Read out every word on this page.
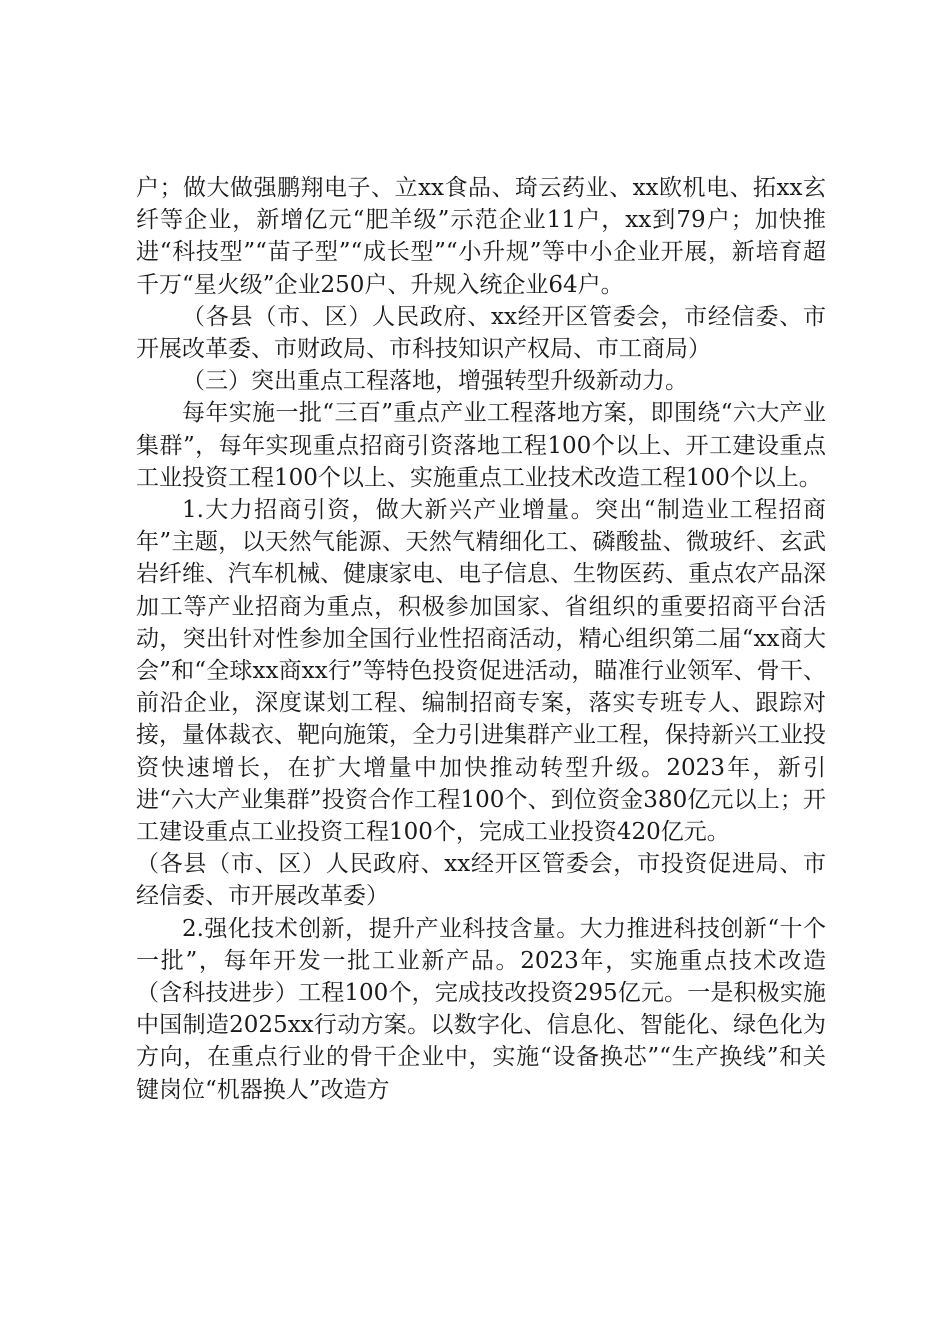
户；做大做强鹏翔电子、立xx食品、琦云药业、xx欧机电、拓xx玄纤等企业，新增亿元“肥羊级”示范企业11户，xx到79户；加快推进“科技型”“苗子型”“成长型”“小升规”等中小企业开展，新培育超千万“星火级”企业250户、升规入统企业64户。

（各县（市、区）人民政府、xx经开区管委会，市经信委、市开展改革委、市财政局、市科技知识产权局、市工商局）

（三）突出重点工程落地，增强转型升级新动力。

每年实施一批“三百”重点产业工程落地方案，即围绕“六大产业集群”，每年实现重点招商引资落地工程100个以上、开工建设重点工业投资工程100个以上、实施重点工业技术改造工程100个以上。

1.大力招商引资，做大新兴产业增量。突出“制造业工程招商年”主题，以天然气能源、天然气精细化工、磷酸盐、微玻纤、玄武岩纤维、汽车机械、健康家电、电子信息、生物医药、重点农产品深加工等产业招商为重点，积极参加国家、省组织的重要招商平台活动，突出针对性参加全国行业性招商活动，精心组织第二届“xx商大会”和“全球xx商xx行”等特色投资促进活动，瞄准行业领军、骨干、前沿企业，深度谋划工程、编制招商专案，落实专班专人、跟踪对接，量体裁衣、靶向施策，全力引进集群产业工程，保持新兴工业投资快速增长，在扩大增量中加快推动转型升级。2023年，新引进“六大产业集群”投资合作工程100个、到位资金380亿元以上；开工建设重点工业投资工程100个，完成工业投资420亿元。

（各县（市、区）人民政府、xx经开区管委会，市投资促进局、市经信委、市开展改革委）

2.强化技术创新，提升产业科技含量。大力推进科技创新“十个一批”，每年开发一批工业新产品。2023年，实施重点技术改造（含科技进步）工程100个，完成技改投资295亿元。一是积极实施中国制造2025xx行动方案。以数字化、信息化、智能化、绿色化为方向，在重点行业的骨干企业中，实施“设备换芯”“生产换线”和关键岗位“机器换人”改造方
